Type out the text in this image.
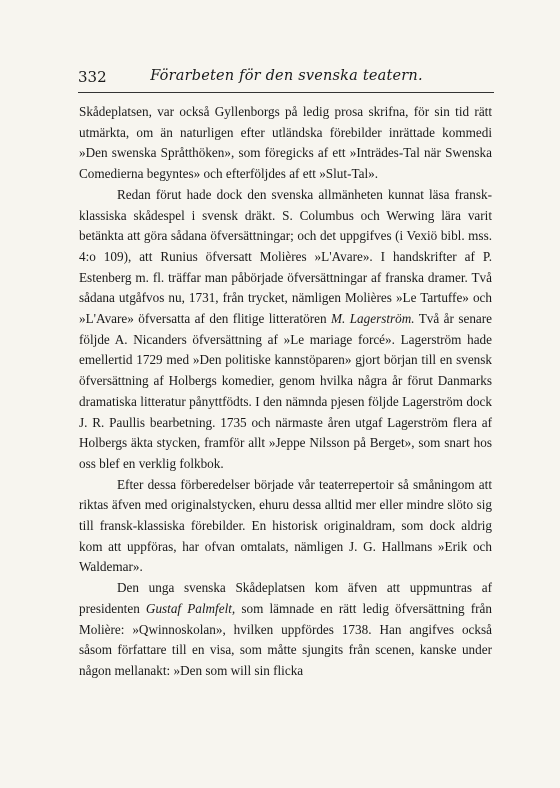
332	Förarbeten för den svenska teatern.

Skådeplatsen, var också Gyllenborgs på ledig prosa skrifna, för sin tid rätt utmärkta, om än naturligen efter utländska förebilder inrättade kommedi »Den swenska Språtthöken», som föregicks af ett »Inträdes-Tal när Swenska Comedierna begyntes» och efterföljdes af ett »Slut-Tal».

Redan förut hade dock den svenska allmänheten kunnat läsa fransk-klassiska skådespel i svensk dräkt. S. Columbus och Werwing lära varit betänkta att göra sådana öfversättningar; och det uppgifves (i Vexiö bibl. mss. 4:o 109), att Runius öfversatt Molières »L'Avare». I handskrifter af P. Estenberg m. fl. träffar man påbörjade öfversättningar af franska dramer. Två sådana utgåfvos nu, 1731, från trycket, nämligen Molières »Le Tartuffe» och »L'Avare» öfversatta af den flitige litteratören M. Lagerström. Två år senare följde A. Nicanders öfversättning af »Le mariage forcé». Lagerström hade emellertid 1729 med »Den politiske kannstöparen» gjort början till en svensk öfversättning af Holbergs komedier, genom hvilka några år förut Danmarks dramatiska litteratur pånyttfödts. I den nämnda pjesen följde Lagerström dock J. R. Paullis bearbetning. 1735 och närmaste åren utgaf Lagerström flera af Holbergs äkta stycken, framför allt »Jeppe Nilsson på Berget», som snart hos oss blef en verklig folkbok.

Efter dessa förberedelser började vår teaterrepertoir så småningom att riktas äfven med originalstycken, ehuru dessa alltid mer eller mindre slöto sig till fransk-klassiska förebilder. En historisk originaldram, som dock aldrig kom att uppföras, har ofvan omtalats, nämligen J. G. Hallmans »Erik och Waldemar».

Den unga svenska Skådeplatsen kom äfven att uppmuntras af presidenten Gustaf Palmfelt, som lämnade en rätt ledig öfversättning från Molière: »Qwinnoskolan», hvilken uppfördes 1738. Han angifves också såsom författare till en visa, som måtte sjungits från scenen, kanske under någon mellanakt: »Den som will sin flicka
